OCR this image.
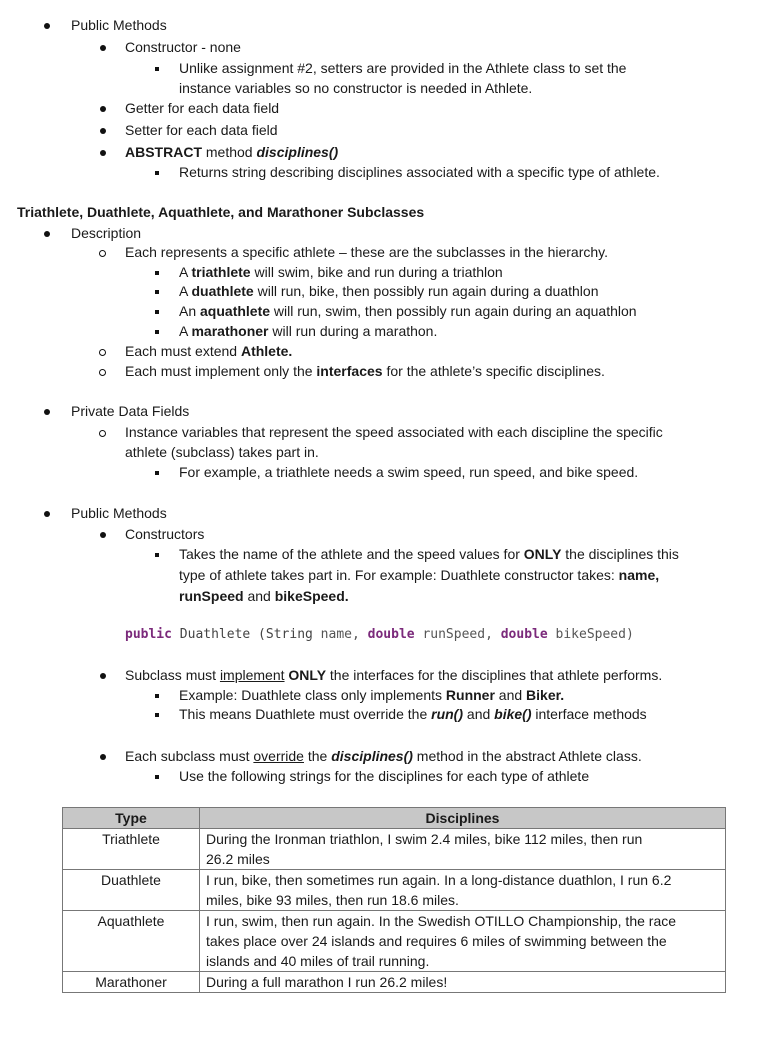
Public Methods
Constructor - none
Unlike assignment #2, setters are provided in the Athlete class to set the
instance variables so no constructor is needed in Athlete.
Getter for each data field
Setter for each data field
ABSTRACT method disciplines()
Returns string describing disciplines associated with a specific type of athlete.
Triathlete, Duathlete, Aquathlete, and Marathoner Subclasses
Description
Each represents a specific athlete – these are the subclasses in the hierarchy.
A triathlete will swim, bike and run during a triathlon
A duathlete will run, bike, then possibly run again during a duathlon
An aquathlete will run, swim, then possibly run again during an aquathlon
A marathoner will run during a marathon.
Each must extend Athlete.
Each must implement only the interfaces for the athlete’s specific disciplines.
Private Data Fields
Instance variables that represent the speed associated with each discipline the specific
athlete (subclass) takes part in.
For example, a triathlete needs a swim speed, run speed, and bike speed.
Public Methods
Constructors
Takes the name of the athlete and the speed values for ONLY the disciplines this
type of athlete takes part in. For example: Duathlete constructor takes: name,
runSpeed and bikeSpeed.
public Duathlete (String name, double runSpeed, double bikeSpeed)
Subclass must implement ONLY the interfaces for the disciplines that athlete performs.
Example: Duathlete class only implements Runner and Biker.
This means Duathlete must override the run() and bike() interface methods
Each subclass must override the disciplines() method in the abstract Athlete class.
Use the following strings for the disciplines for each type of athlete
Type	Disciplines
Triathlete	During the Ironman triathlon, I swim 2.4 miles, bike 112 miles, then run
26.2 miles

Duathlete	I run, bike, then sometimes run again. In a long-distance duathlon, I run 6.2
miles, bike 93 miles, then run 18.6 miles.

Aquathlete	I run, swim, then run again. In the Swedish OTILLO Championship, the race
takes place over 24 islands and requires 6 miles of swimming between the
islands and 40 miles of trail running.

Marathoner	During a full marathon I run 26.2 miles!
